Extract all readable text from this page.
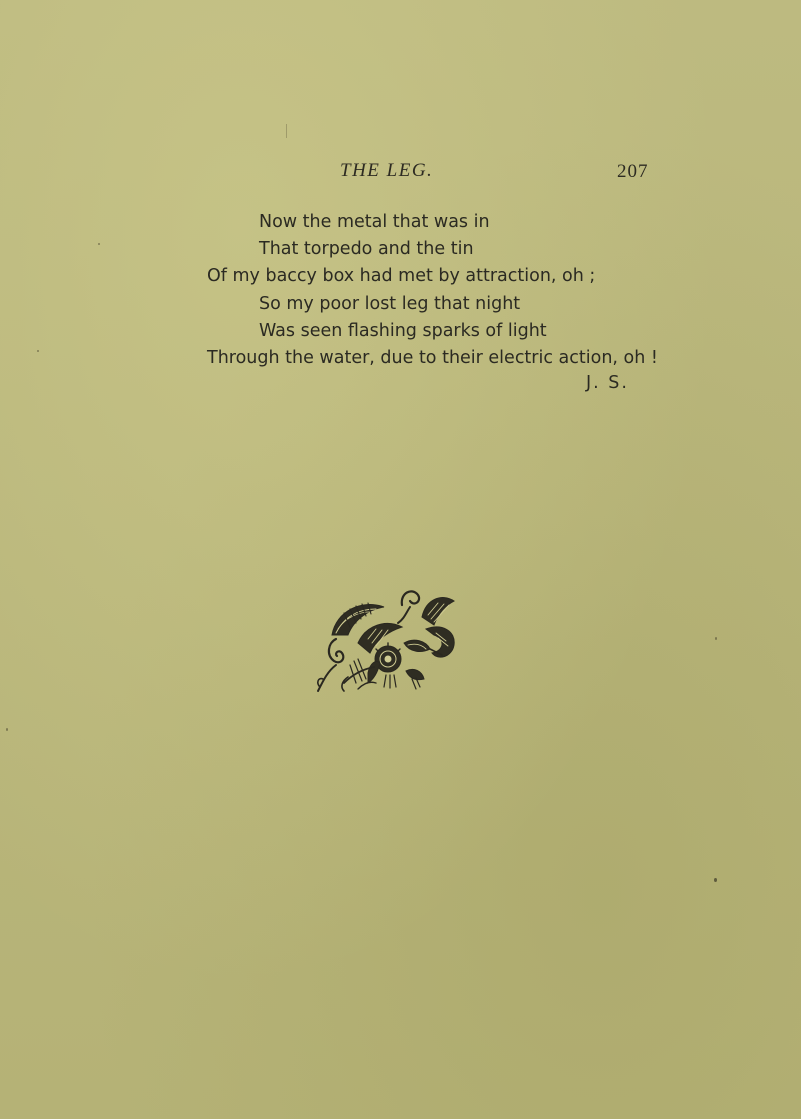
THE LEG.	207
Now the metal that was in
That torpedo and the tin
Of my baccy box had met by attraction, oh ;
So my poor lost leg that night
Was seen flashing sparks of light
Through the water, due to their electric action, oh !
J. S.
